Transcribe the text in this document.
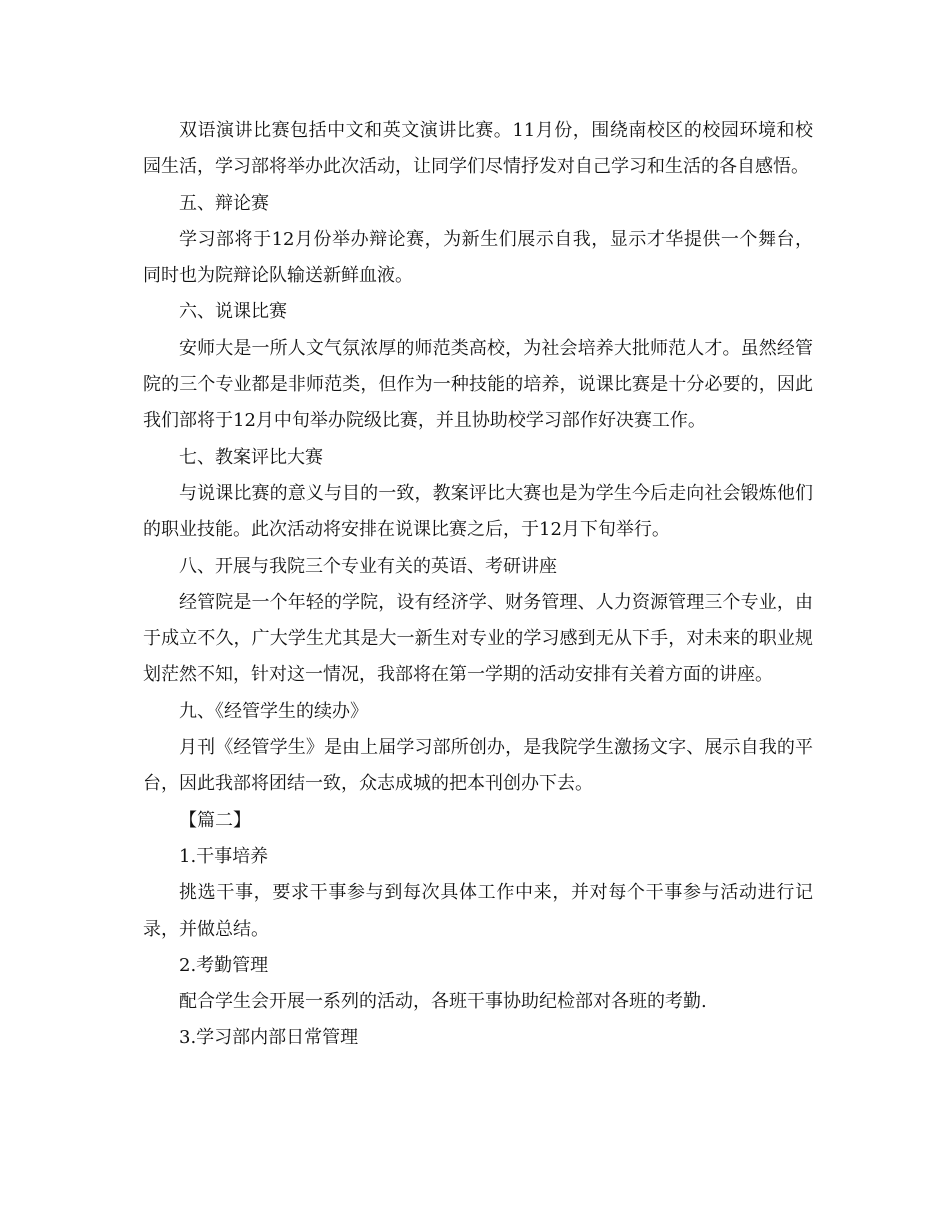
双语演讲比赛包括中文和英文演讲比赛。11月份，围绕南校区的校园环境和校园生活，学习部将举办此次活动，让同学们尽情抒发对自己学习和生活的各自感悟。

五、辩论赛

学习部将于12月份举办辩论赛，为新生们展示自我，显示才华提供一个舞台，同时也为院辩论队输送新鲜血液。

六、说课比赛

安师大是一所人文气氛浓厚的师范类高校，为社会培养大批师范人才。虽然经管院的三个专业都是非师范类，但作为一种技能的培养，说课比赛是十分必要的，因此我们部将于12月中旬举办院级比赛，并且协助校学习部作好决赛工作。

七、教案评比大赛

与说课比赛的意义与目的一致，教案评比大赛也是为学生今后走向社会锻炼他们的职业技能。此次活动将安排在说课比赛之后，于12月下旬举行。

八、开展与我院三个专业有关的英语、考研讲座

经管院是一个年轻的学院，设有经济学、财务管理、人力资源管理三个专业，由于成立不久，广大学生尤其是大一新生对专业的学习感到无从下手，对未来的职业规划茫然不知，针对这一情况，我部将在第一学期的活动安排有关着方面的讲座。

九、《经管学生的续办》

月刊《经管学生》是由上届学习部所创办，是我院学生激扬文字、展示自我的平台，因此我部将团结一致，众志成城的把本刊创办下去。

【篇二】

1.干事培养

挑选干事，要求干事参与到每次具体工作中来，并对每个干事参与活动进行记录，并做总结。

2.考勤管理

配合学生会开展一系列的活动，各班干事协助纪检部对各班的考勤.

3.学习部内部日常管理
